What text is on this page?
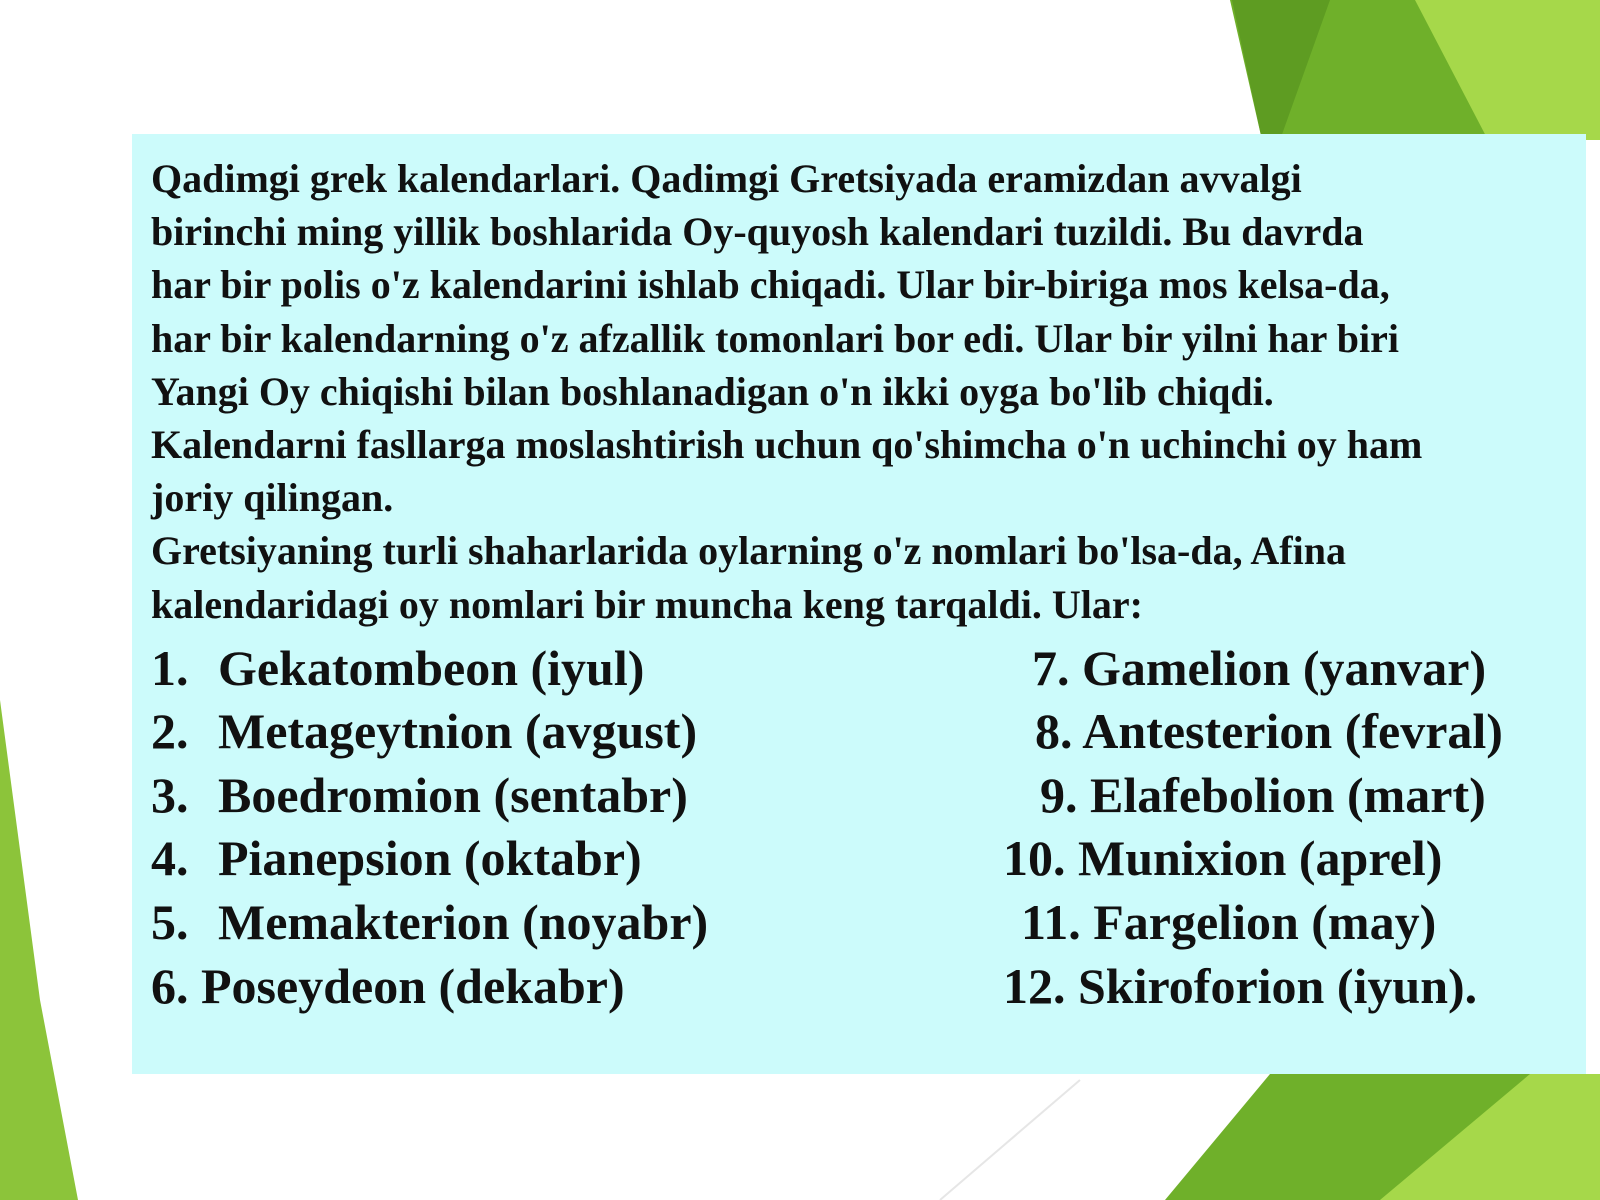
Qadimgi grek kalendarlari. Qadimgi Gretsiyada eramizdan avvalgi
birinchi ming yillik boshlarida Oy-quyosh kalendari tuzildi. Bu davrda
har bir polis o'z kalendarini ishlab chiqadi. Ular bir-biriga mos kelsa-da,
har bir kalendarning o'z afzallik tomonlari bor edi. Ular bir yilni har biri
Yangi Oy chiqishi bilan boshlanadigan o'n ikki oyga bo'lib chiqdi.
Kalendarni fasllarga moslashtirish uchun qo'shimcha o'n uchinchi oy ham
joriy qilingan.
Gretsiyaning turli shaharlarida oylarning o'z nomlari bo'lsa-da, Afina
kalendaridagi oy nomlari bir muncha keng tarqaldi. Ular:

1. Gekatombeon (iyul)
2. Metageytnion (avgust)
3. Boedromion (sentabr)
4. Pianepsion (oktabr)
5. Memakterion (noyabr)
6. Poseydeon (dekabr)
7. Gamelion (yanvar)
8. Antesterion (fevral)
9. Elafebolion (mart)
10. Munixion (aprel)
11. Fargelion (may)
12. Skiroforion (iyun).
